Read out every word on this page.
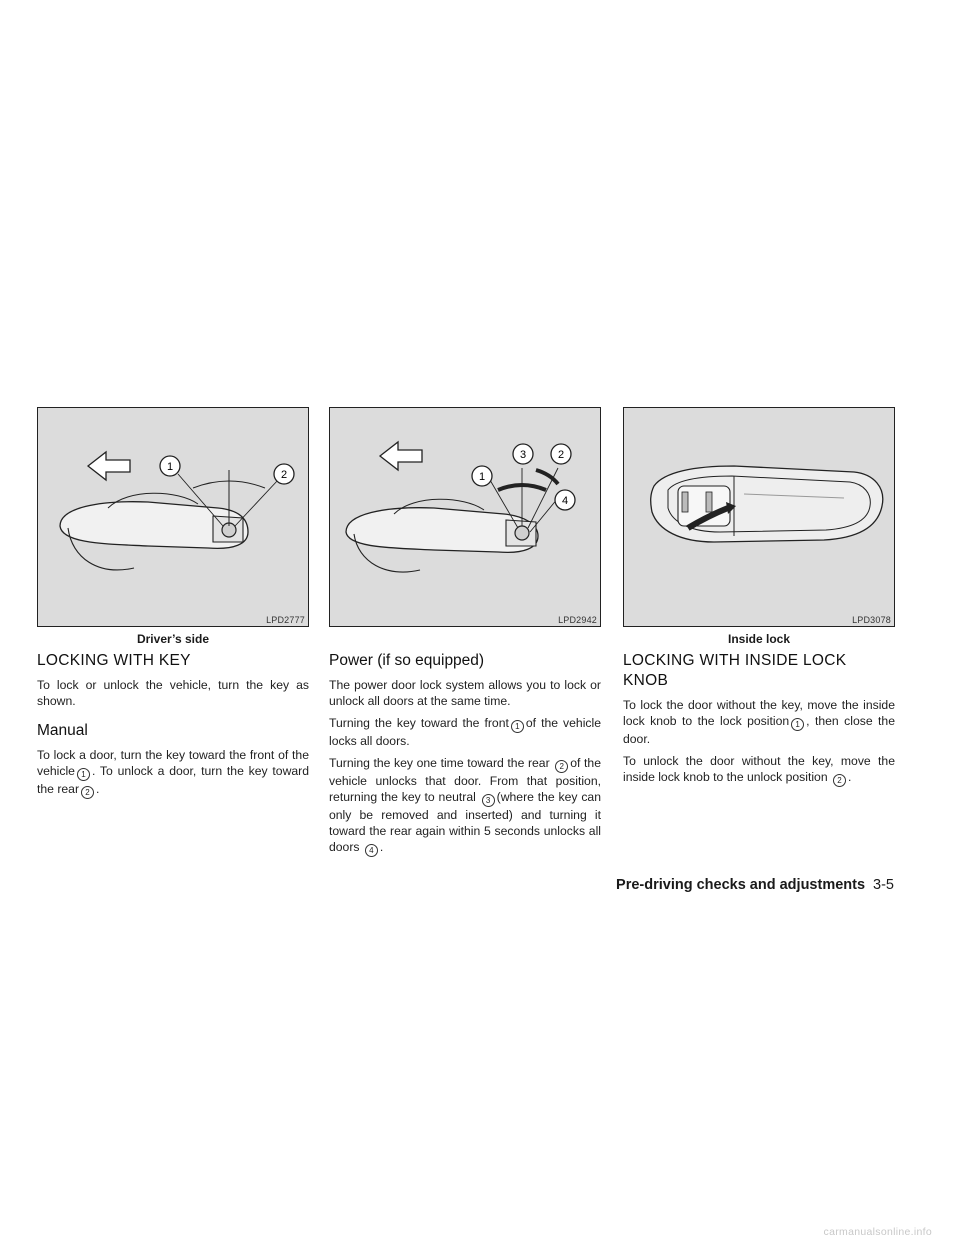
1
2
LPD2777
Driver’s side
LOCKING WITH KEY

To lock or unlock the vehicle, turn the key as shown.

Manual

To lock a door, turn the key toward the front of the vehicle 1 . To unlock a door, turn the key toward the rear 2 .

1
3	2
4
LPD2942
Power (if so equipped)

The power door lock system allows you to lock or unlock all doors at the same time.

Turning the key toward the front 1 of the vehicle locks all doors.

Turning the key one time toward the rear 2 of the vehicle unlocks that door. From that position, returning the key to neutral 3 (where the key can only be removed and inserted) and turning it toward the rear again within 5 seconds unlocks all doors 4 .

LPD3078
Inside lock
LOCKING WITH INSIDE LOCK KNOB

To lock the door without the key, move the inside lock knob to the lock position 1 , then close the door.

To unlock the door without the key, move the inside lock knob to the unlock position 2 .

Pre-driving checks and adjustments 3-5
carmanualsonline.info
